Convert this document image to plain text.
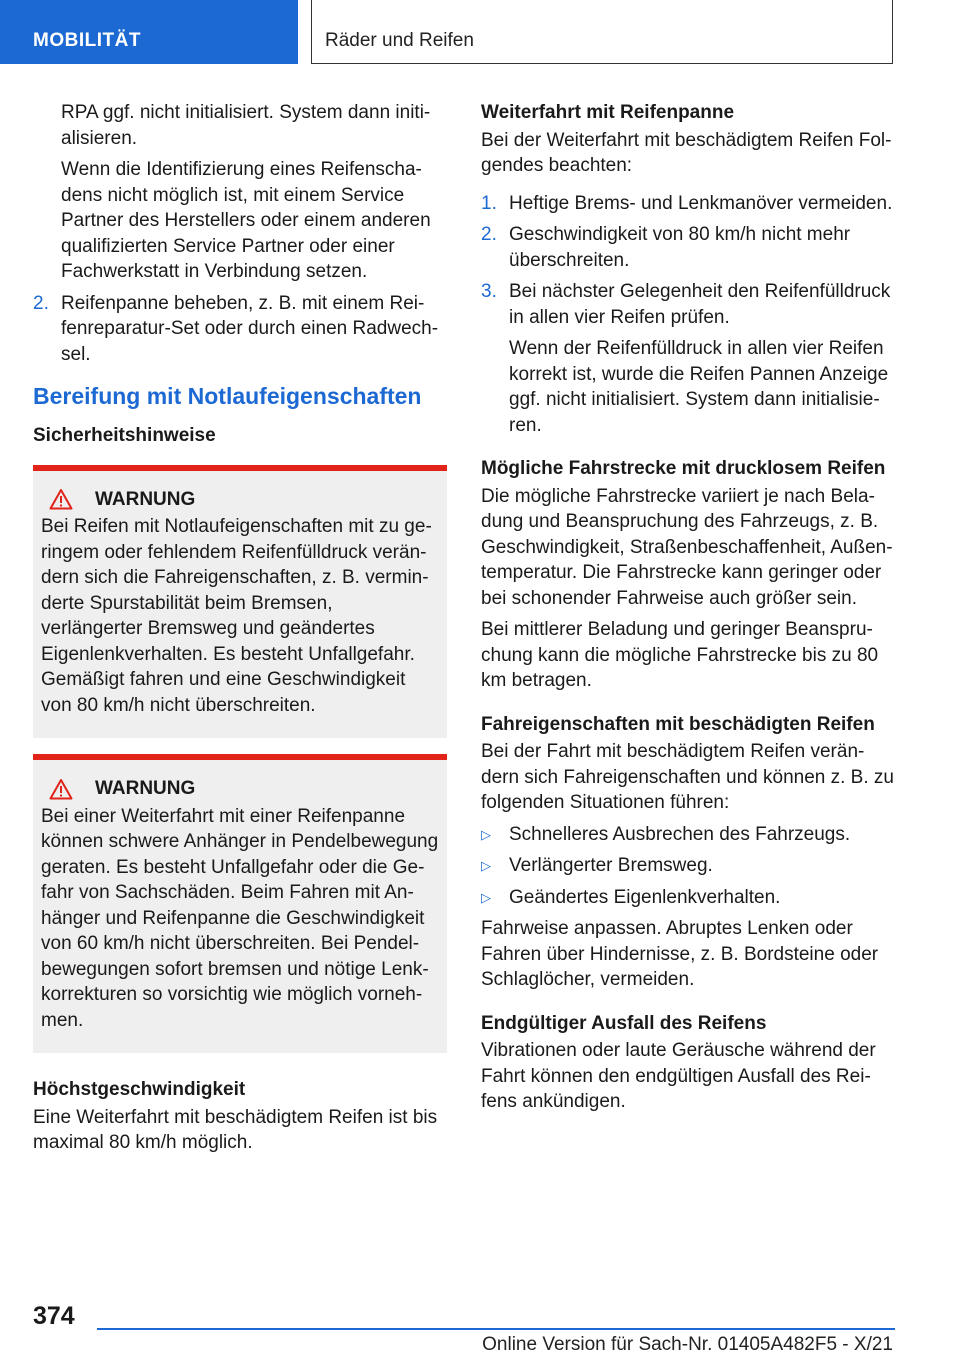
MOBILITÄT	Räder und Reifen

RPA ggf. nicht initialisiert. System dann initialisieren.

Wenn die Identifizierung eines Reifenschadens nicht möglich ist, mit einem Service Partner des Herstellers oder einem anderen qualifizierten Service Partner oder einer Fachwerkstatt in Verbindung setzen.

2. Reifenpanne beheben, z. B. mit einem Reifenreparatur-Set oder durch einen Radwechsel.
Bereifung mit Notlaufeigenschaften
Sicherheitshinweise
WARNUNG
Bei Reifen mit Notlaufeigenschaften mit zu geringem oder fehlendem Reifenfülldruck verändern sich die Fahreigenschaften, z. B. verminderte Spurstabilität beim Bremsen, verlängerter Bremsweg und geändertes Eigenlenkverhalten. Es besteht Unfallgefahr. Gemäßigt fahren und eine Geschwindigkeit von 80 km/h nicht überschreiten.
WARNUNG
Bei einer Weiterfahrt mit einer Reifenpanne können schwere Anhänger in Pendelbewegung geraten. Es besteht Unfallgefahr oder die Gefahr von Sachschäden. Beim Fahren mit Anhänger und Reifenpanne die Geschwindigkeit von 60 km/h nicht überschreiten. Bei Pendelbewegungen sofort bremsen und nötige Lenkkorrekturen so vorsichtig wie möglich vornehmen.
Höchstgeschwindigkeit

Eine Weiterfahrt mit beschädigtem Reifen ist bis maximal 80 km/h möglich.

Weiterfahrt mit Reifenpanne

Bei der Weiterfahrt mit beschädigtem Reifen Folgendes beachten:

1. Heftige Brems- und Lenkmanöver vermeiden.
2. Geschwindigkeit von 80 km/h nicht mehr überschreiten.
3. Bei nächster Gelegenheit den Reifenfülldruck in allen vier Reifen prüfen.

Wenn der Reifenfülldruck in allen vier Reifen korrekt ist, wurde die Reifen Pannen Anzeige ggf. nicht initialisiert. System dann initialisieren.

Mögliche Fahrstrecke mit drucklosem Reifen

Die mögliche Fahrstrecke variiert je nach Beladung und Beanspruchung des Fahrzeugs, z. B. Geschwindigkeit, Straßenbeschaffenheit, Außentemperatur. Die Fahrstrecke kann geringer oder bei schonender Fahrweise auch größer sein.

Bei mittlerer Beladung und geringer Beanspruchung kann die mögliche Fahrstrecke bis zu 80 km betragen.

Fahreigenschaften mit beschädigten Reifen

Bei der Fahrt mit beschädigtem Reifen verändern sich Fahreigenschaften und können z. B. zu folgenden Situationen führen:

▷ Schnelleres Ausbrechen des Fahrzeugs.
▷ Verlängerter Bremsweg.
▷ Geändertes Eigenlenkverhalten.

Fahrweise anpassen. Abruptes Lenken oder Fahren über Hindernisse, z. B. Bordsteine oder Schlaglöcher, vermeiden.

Endgültiger Ausfall des Reifens

Vibrationen oder laute Geräusche während der Fahrt können den endgültigen Ausfall des Reifens ankündigen.

374
Online Version für Sach-Nr. 01405A482F5 - X/21
